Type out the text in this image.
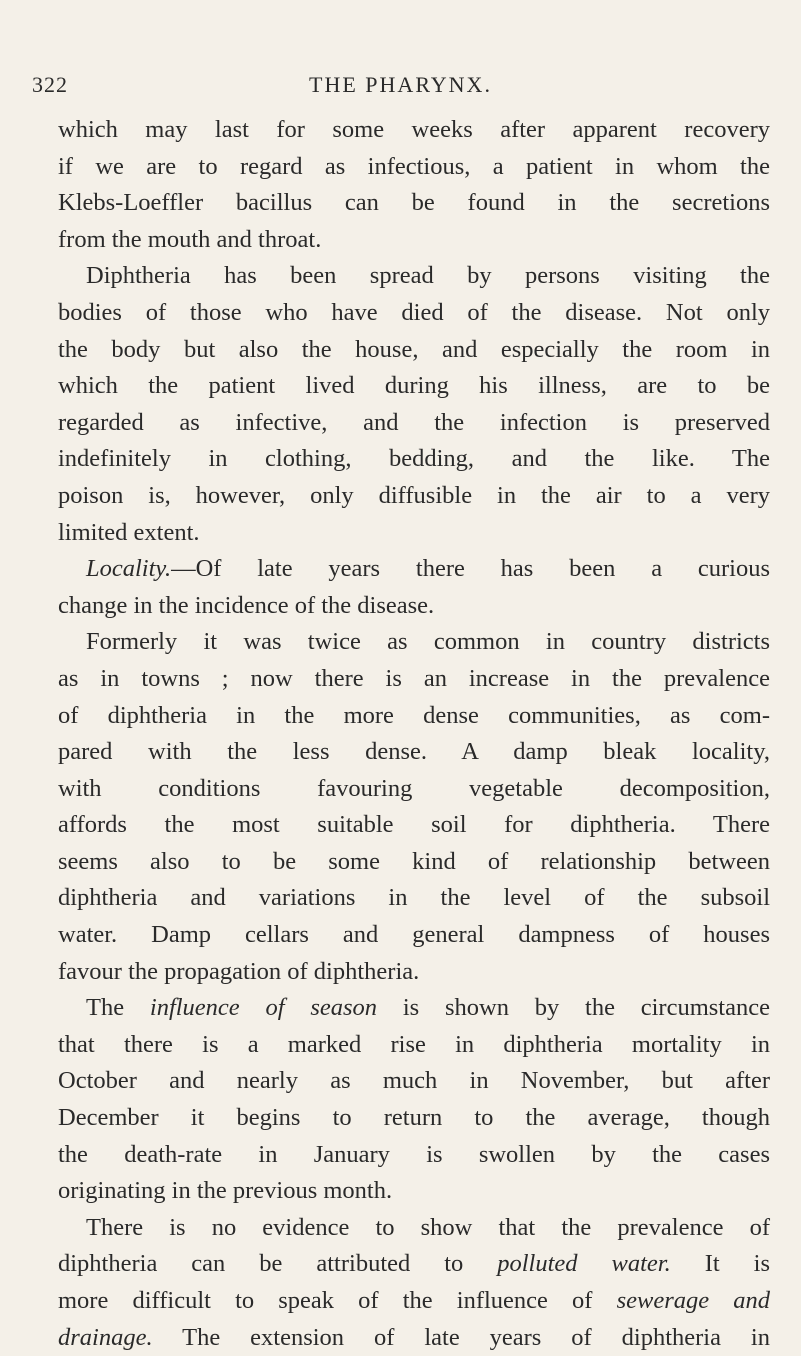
322	THE PHARYNX.
which may last for some weeks after apparent recovery
if we are to regard as infectious, a patient in whom the
Klebs-Loeffler bacillus can be found in the secretions
from the mouth and throat.
Diphtheria has been spread by persons visiting the
bodies of those who have died of the disease. Not only
the body but also the house, and especially the room in
which the patient lived during his illness, are to be
regarded as infective, and the infection is preserved
indefinitely in clothing, bedding, and the like. The
poison is, however, only diffusible in the air to a very
limited extent.
Locality.—Of late years there has been a curious
change in the incidence of the disease.
Formerly it was twice as common in country districts
as in towns ; now there is an increase in the prevalence
of diphtheria in the more dense communities, as com-
pared with the less dense. A damp bleak locality,
with conditions favouring vegetable decomposition,
affords the most suitable soil for diphtheria. There
seems also to be some kind of relationship between
diphtheria and variations in the level of the subsoil
water. Damp cellars and general dampness of houses
favour the propagation of diphtheria.
The influence of season is shown by the circumstance
that there is a marked rise in diphtheria mortality in
October and nearly as much in November, but after
December it begins to return to the average, though
the death-rate in January is swollen by the cases
originating in the previous month.
There is no evidence to show that the prevalence of
diphtheria can be attributed to polluted water. It is
more difficult to speak of the influence of sewerage and
drainage. The extension of late years of diphtheria in
